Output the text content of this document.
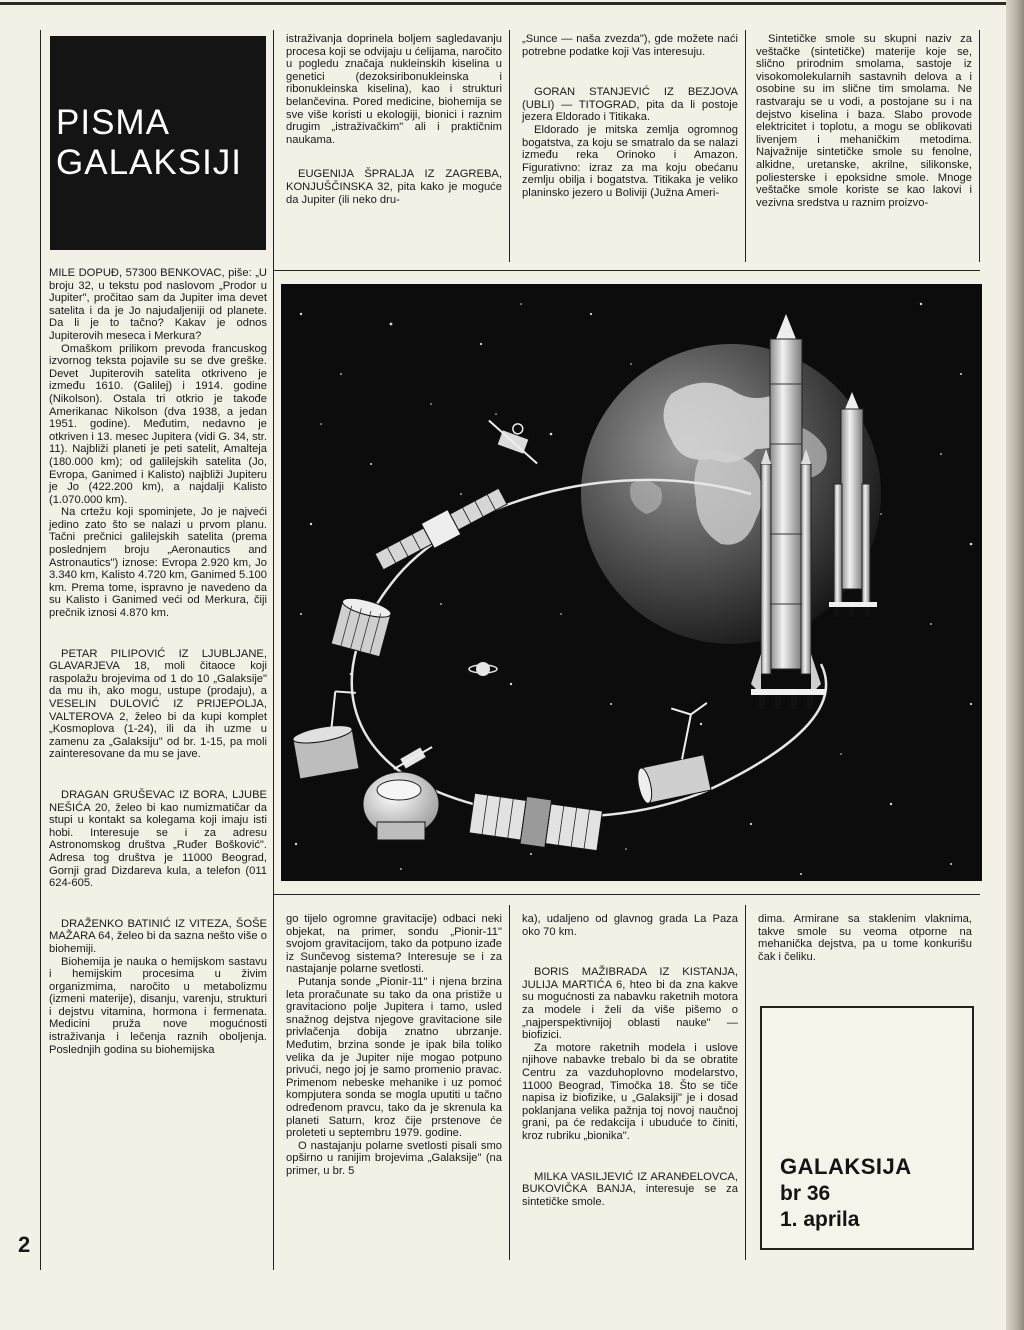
PISMA
GALAKSIJI

MILE DOPUĐ, 57300 BENKOVAC, piše: „U broju 32, u tekstu pod naslovom „Prodor u Jupiter", pročitao sam da Jupiter ima devet satelita i da je Jo najudaljeniji od planete. Da li je to tačno? Kakav je odnos Jupiterovih meseca i Merkura?

Omaškom prilikom prevoda francuskog izvornog teksta pojavile su se dve greške. Devet Jupiterovih satelita otkriveno je između 1610. (Galilej) i 1914. godine (Nikolson). Ostala tri otkrio je takođe Amerikanac Nikolson (dva 1938, a jedan 1951. godine). Međutim, nedavno je otkriven i 13. mesec Jupitera (vidi G. 34, str. 11). Najbliži planeti je peti satelit, Amalteja (180.000 km); od galilejskih satelita (Jo, Evropa, Ganimed i Kalisto) najbliži Jupiteru je Jo (422.200 km), a najdalji Kalisto (1.070.000 km).

Na crtežu koji spominjete, Jo je najveći jedino zato što se nalazi u prvom planu. Tačni prečnici galilejskih satelita (prema poslednjem broju „Aeronautics and Astronautics") iznose: Evropa 2.920 km, Jo 3.340 km, Kalisto 4.720 km, Ganimed 5.100 km. Prema tome, ispravno je navedeno da su Kalisto i Ganimed veći od Merkura, čiji prečnik iznosi 4.870 km.

PETAR PILIPOVIĆ IZ LJUBLJANE, GLAVARJEVA 18, moli čitaoce koji raspolažu brojevima od 1 do 10 „Galaksije" da mu ih, ako mogu, ustupe (prodaju), a VESELIN DULOVIĆ IZ PRIJEPOLJA, VALTEROVA 2, želeo bi da kupi komplet „Kosmoplova (1-24), ili da ih uzme u zamenu za „Galaksiju" od br. 1-15, pa moli zainteresovane da mu se jave.

DRAGAN GRUŠEVAC IZ BORA, LJUBE NEŠIĆA 20, želeo bi kao numizmatičar da stupi u kontakt sa kolegama koji imaju isti hobi. Interesuje se i za adresu Astronomskog društva „Ruđer Bošković". Adresa tog društva je 11000 Beograd, Gornji grad Dizdareva kula, a telefon (011 624-605.

DRAŽENKO BATINIĆ IZ VITEZA, ŠOŠE MAŽARA 64, želeo bi da sazna nešto više o biohemiji.

Biohemija je nauka o hemijskom sastavu i hemijskim procesima u živim organizmima, naročito u metabolizmu (izmeni materije), disanju, varenju, strukturi i dejstvu vitamina, hormona i fermenata. Medicini pruža nove mogućnosti istraživanja i lečenja raznih oboljenja. Poslednjih godina su biohemijska

2

istraživanja doprinela boljem sagledavanju procesa koji se odvijaju u ćelijama, naročito u pogledu značaja nukleinskih kiselina u genetici (dezoksiribonukleinska i ribonukleinska kiselina), kao i strukturi belančevina. Pored medicine, biohemija se sve više koristi u ekologiji, bionici i raznim drugim „istraživačkim" ali i praktičnim naukama.

EUGENIJA ŠPRALJA IZ ZAGREBA, KONJUŠČINSKA 32, pita kako je moguće da Jupiter (ili neko dru-

„Sunce — naša zvezda"), gde možete naći potrebne podatke koji Vas interesuju.

GORAN STANJEVIĆ IZ BEZJOVA (UBLI) — TITOGRAD, pita da li postoje jezera Eldorado i Titikaka.

Eldorado je mitska zemlja ogromnog bogatstva, za koju se smatralo da se nalazi između reka Orinoko i Amazon. Figurativno: izraz za ma koju obećanu zemlju obilja i bogatstva. Titikaka je veliko planinsko jezero u Boliviji (Južna Ameri-

Sintetičke smole su skupni naziv za veštačke (sintetičke) materije koje se, slično prirodnim smolama, sastoje iz visokomolekularnih sastavnih delova a i osobine su im slične tim smolama. Ne rastvaraju se u vodi, a postojane su i na dejstvo kiselina i baza. Slabo provode elektricitet i toplotu, a mogu se oblikovati livenjem i mehaničkim metodima. Najvažnije sintetičke smole su fenolne, alkidne, uretanske, akrilne, silikonske, poliesterske i epoksidne smole. Mnoge veštačke smole koriste se kao lakovi i vezivna sredstva u raznim proizvo-

go tijelo ogromne gravitacije) odbaci neki objekat, na primer, sondu „Pionir-11" svojom gravitacijom, tako da potpuno izađe iz Sunčevog sistema? Interesuje se i za nastajanje polarne svetlosti.

Putanja sonde „Pionir-11" i njena brzina leta proračunate su tako da ona pristiže u gravitaciono polje Jupitera i tamo, usled snažnog dejstva njegove gravitacione sile privlačenja dobija znatno ubrzanje. Međutim, brzina sonde je ipak bila toliko velika da je Jupiter nije mogao potpuno privući, nego joj je samo promenio pravac. Primenom nebeske mehanike i uz pomoć kompjutera sonda se mogla uputiti u tačno određenom pravcu, tako da je skrenula ka planeti Saturn, kroz čije prstenove će proleteti u septembru 1979. godine.

O nastajanju polarne svetlosti pisali smo opširno u ranijim brojevima „Galaksije" (na primer, u br. 5

ka), udaljeno od glavnog grada La Paza oko 70 km.

BORIS MAŽIBRADA IZ KISTANJA, JULIJA MARTIĆA 6, hteo bi da zna kakve su mogućnosti za nabavku raketnih motora za modele i želi da više pišemo o „najperspektivnijoj oblasti nauke" — biofizici.

Za motore raketnih modela i uslove njihove nabavke trebalo bi da se obratite Centru za vazduhoplovno modelarstvo, 11000 Beograd, Timočka 18. Što se tiče napisa iz biofizike, u „Galaksiji" je i dosad poklanjana velika pažnja toj novoj naučnoj grani, pa će redakcija i ubuduće to činiti, kroz rubriku „bionika".

MILKA VASILJEVIĆ IZ ARANĐELOVCA, BUKOVIČKA BANJA, interesuje se za sintetičke smole.

dima. Armirane sa staklenim vlaknima, takve smole su veoma otporne na mehanička dejstva, pa u tome konkurišu čak i čeliku.

GALAKSIJA
br 36
1. aprila
